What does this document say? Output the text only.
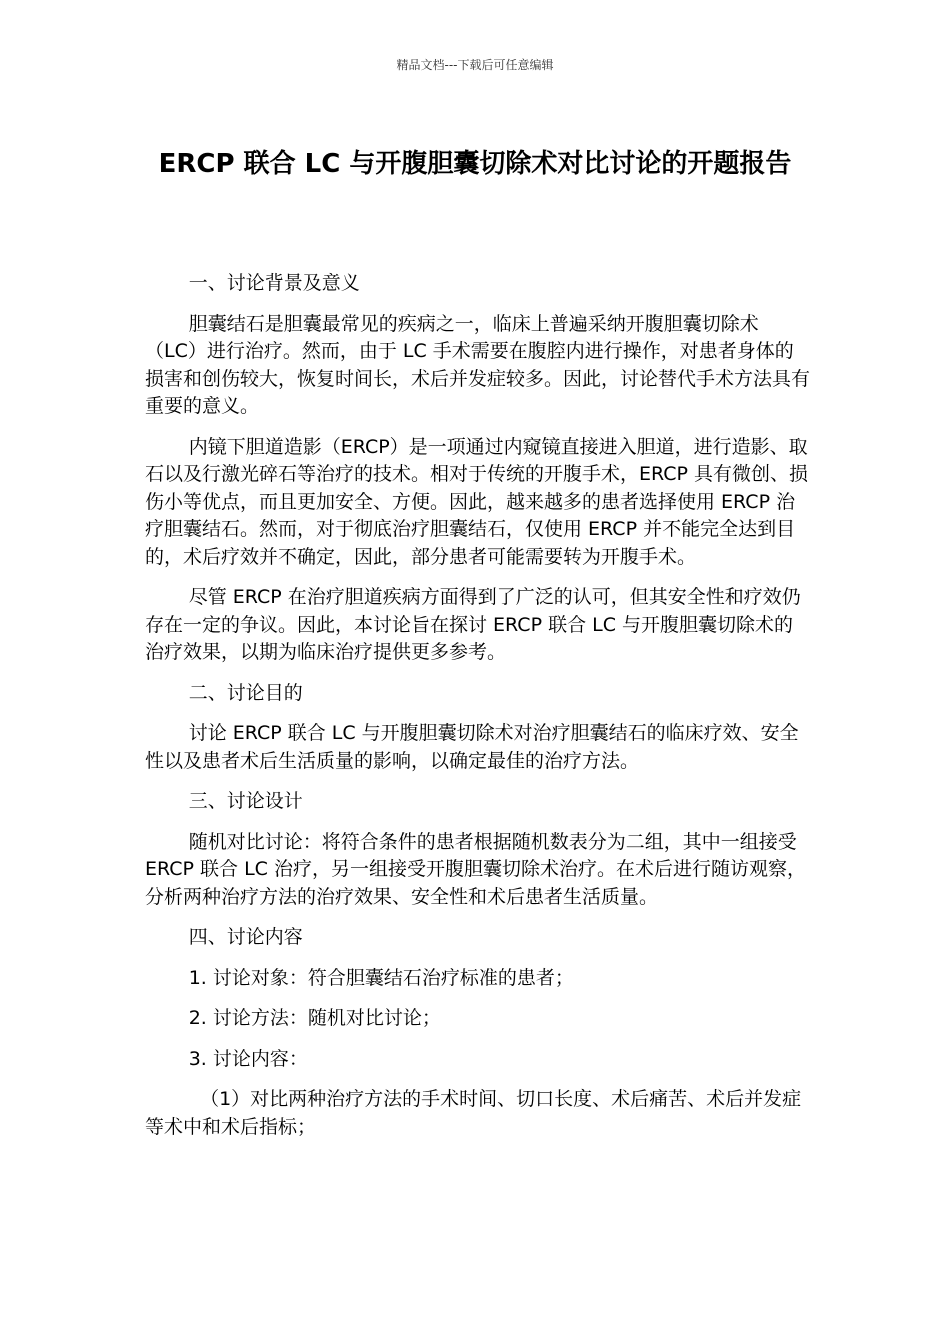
精品文档---下载后可任意编辑
ERCP 联合 LC 与开腹胆囊切除术对比讨论的开题报告

一、讨论背景及意义

胆囊结石是胆囊最常见的疾病之一，临床上普遍采纳开腹胆囊切除术（LC）进行治疗。然而，由于 LC 手术需要在腹腔内进行操作，对患者身体的损害和创伤较大，恢复时间长，术后并发症较多。因此，讨论替代手术方法具有重要的意义。

内镜下胆道造影（ERCP）是一项通过内窥镜直接进入胆道，进行造影、取石以及行激光碎石等治疗的技术。相对于传统的开腹手术，ERCP 具有微创、损伤小等优点，而且更加安全、方便。因此，越来越多的患者选择使用 ERCP 治疗胆囊结石。然而，对于彻底治疗胆囊结石，仅使用 ERCP 并不能完全达到目的，术后疗效并不确定，因此，部分患者可能需要转为开腹手术。

尽管 ERCP 在治疗胆道疾病方面得到了广泛的认可，但其安全性和疗效仍存在一定的争议。因此，本讨论旨在探讨 ERCP 联合 LC 与开腹胆囊切除术的治疗效果，以期为临床治疗提供更多参考。

二、讨论目的

讨论 ERCP 联合 LC 与开腹胆囊切除术对治疗胆囊结石的临床疗效、安全性以及患者术后生活质量的影响，以确定最佳的治疗方法。

三、讨论设计

随机对比讨论：将符合条件的患者根据随机数表分为二组，其中一组接受 ERCP 联合 LC 治疗，另一组接受开腹胆囊切除术治疗。在术后进行随访观察，分析两种治疗方法的治疗效果、安全性和术后患者生活质量。

四、讨论内容

1. 讨论对象：符合胆囊结石治疗标准的患者；

2. 讨论方法：随机对比讨论；

3. 讨论内容：

（1）对比两种治疗方法的手术时间、切口长度、术后痛苦、术后并发症等术中和术后指标；
